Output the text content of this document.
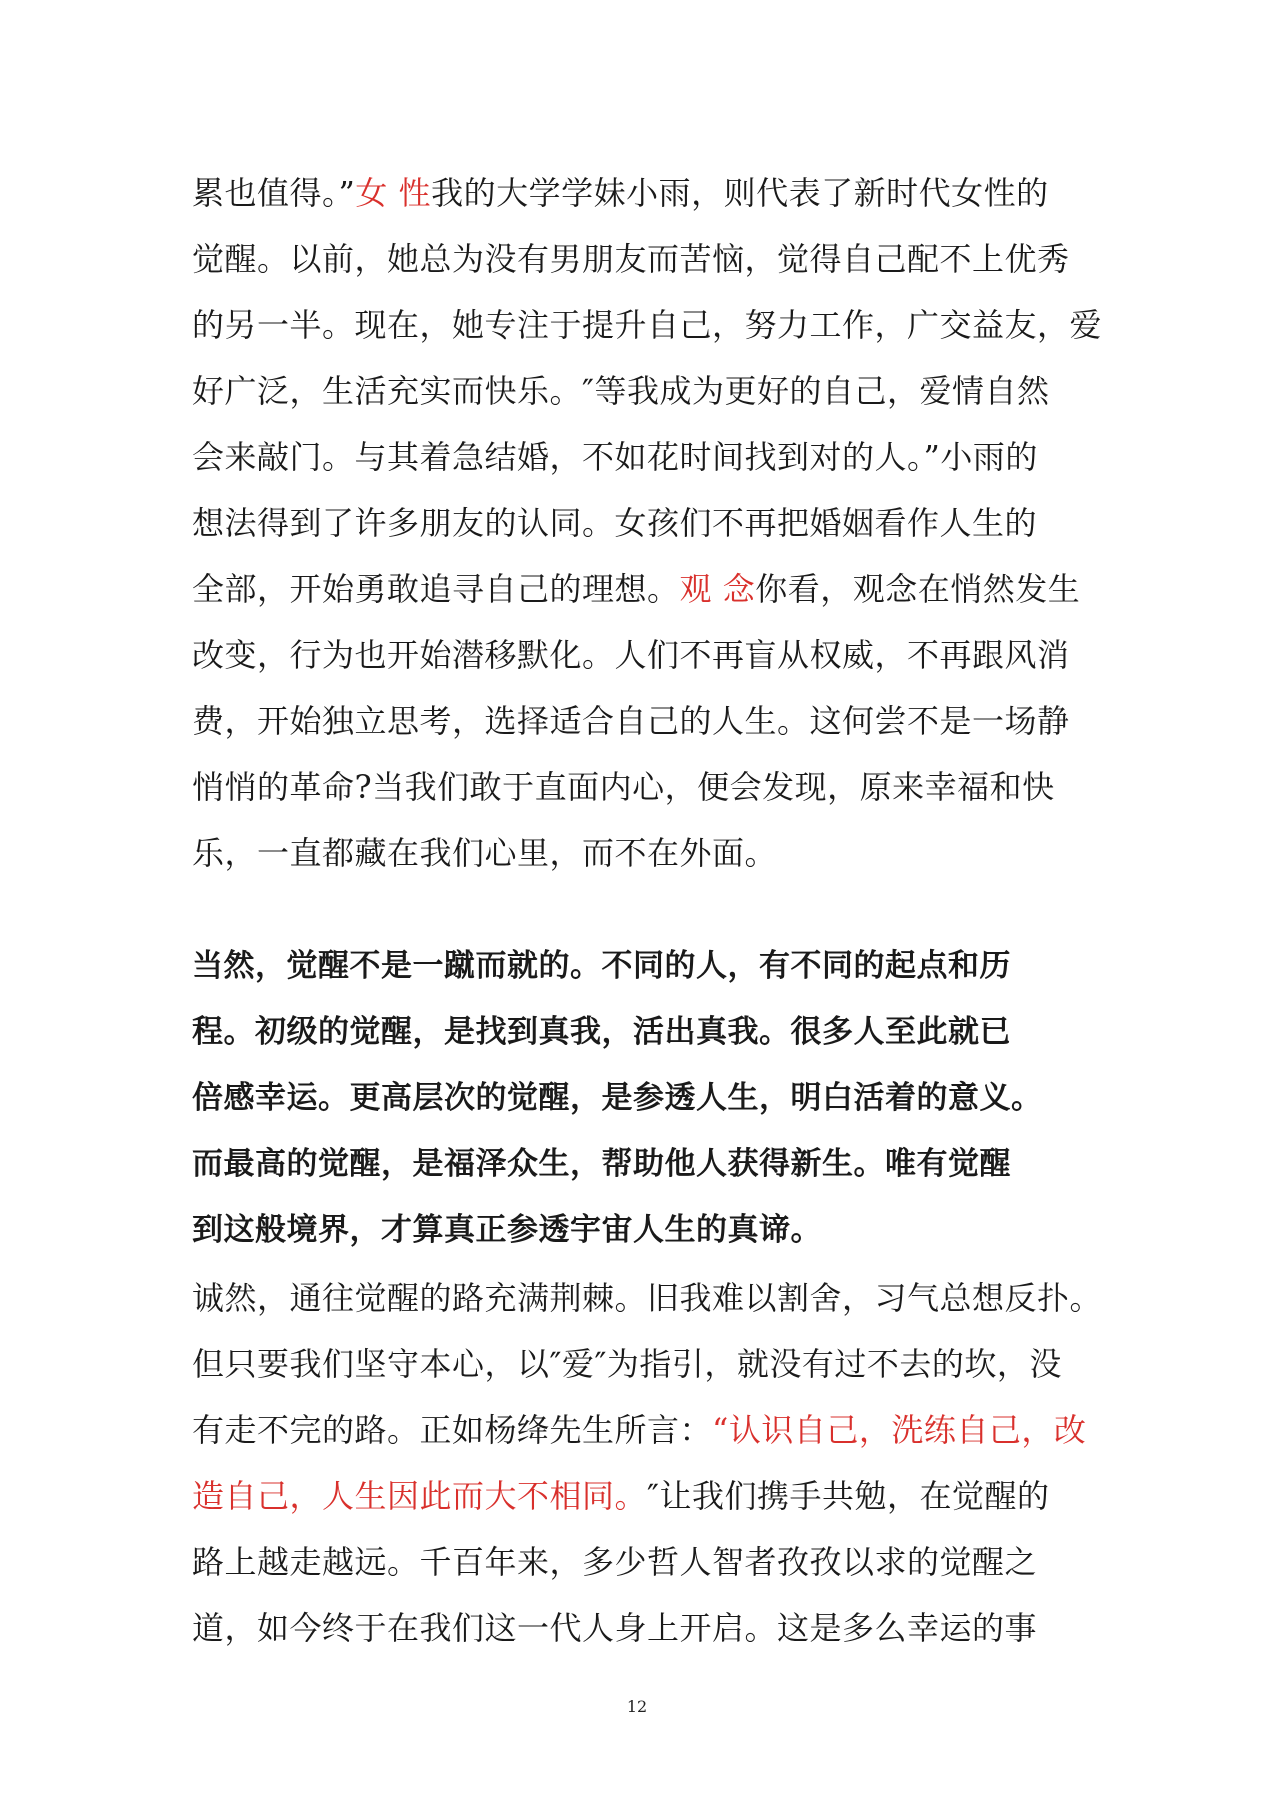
累也值得。”女 性我的大学学妹小雨，则代表了新时代女性的
觉醒。以前，她总为没有男朋友而苦恼，觉得自己配不上优秀
的另一半。现在，她专注于提升自己，努力工作，广交益友，爱
好广泛，生活充实而快乐。″等我成为更好的自己，爱情自然
会来敲门。与其着急结婚，不如花时间找到对的人。”小雨的
想法得到了许多朋友的认同。女孩们不再把婚姻看作人生的
全部，开始勇敢追寻自己的理想。观 念你看，观念在悄然发生
改变，行为也开始潜移默化。人们不再盲从权威，不再跟风消
费，开始独立思考，选择适合自己的人生。这何尝不是一场静
悄悄的革命?当我们敢于直面内心，便会发现，原来幸福和快
乐，一直都藏在我们心里，而不在外面。
当然，觉醒不是一蹴而就的。不同的人，有不同的起点和历
程。初级的觉醒，是找到真我，活出真我。很多人至此就已
倍感幸运。更高层次的觉醒，是参透人生，明白活着的意义。
而最高的觉醒，是福泽众生，帮助他人获得新生。唯有觉醒
到这般境界，才算真正参透宇宙人生的真谛。
诚然，通往觉醒的路充满荆棘。旧我难以割舍，习气总想反扑。
但只要我们坚守本心，以″爱″为指引，就没有过不去的坎，没
有走不完的路。正如杨绛先生所言：“认识自己，洗练自己，改
造自己，人生因此而大不相同。″让我们携手共勉，在觉醒的
路上越走越远。千百年来，多少哲人智者孜孜以求的觉醒之
道，如今终于在我们这一代人身上开启。这是多么幸运的事
12
